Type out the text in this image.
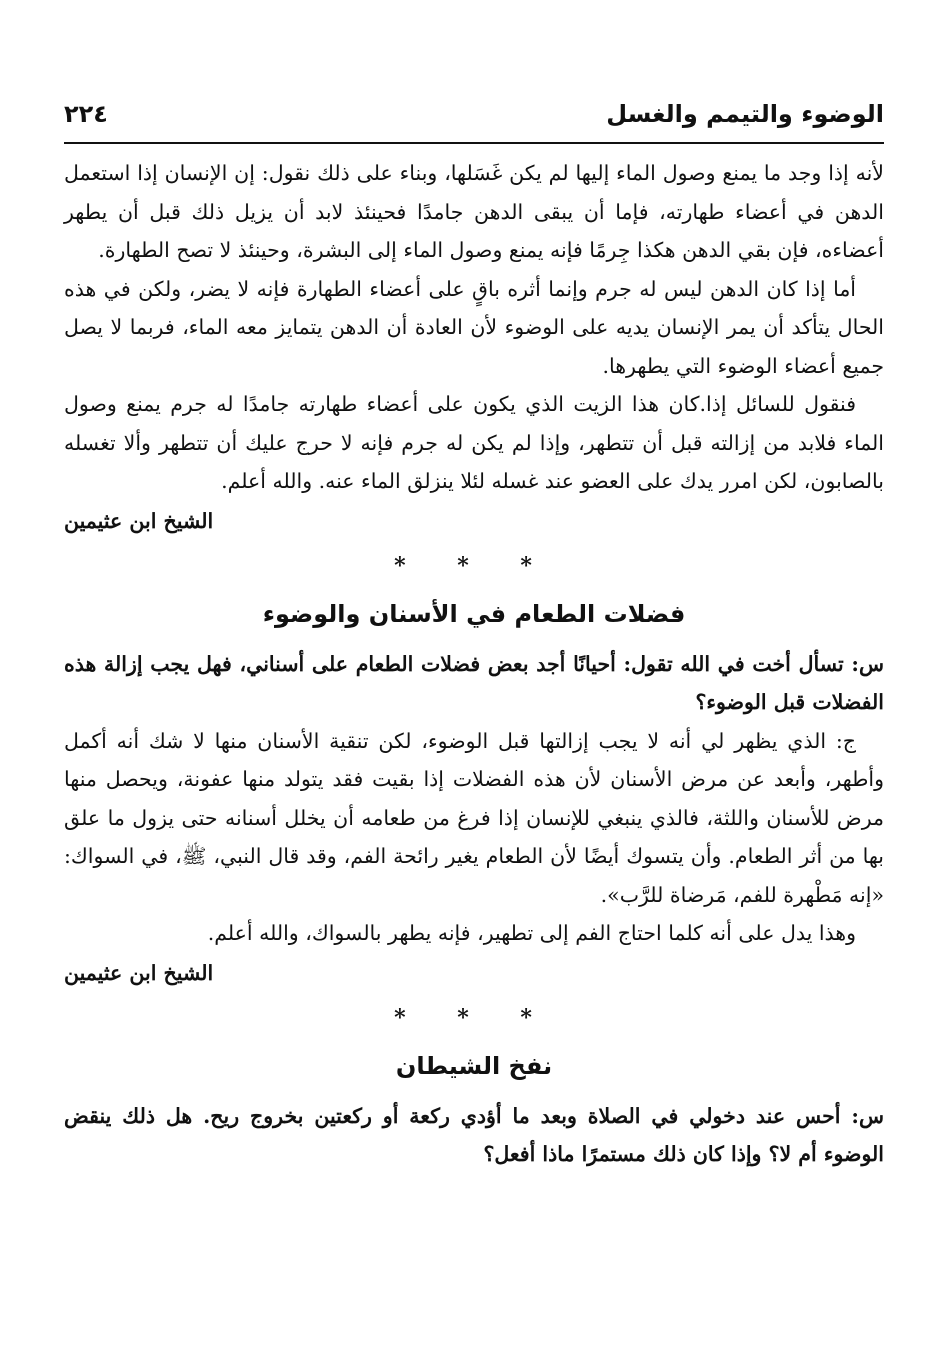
الوضوء والتيمم والغسل
٢٢٤

لأنه إذا وجد ما يمنع وصول الماء إليها لم يكن غَسَلها، وبناء على ذلك نقول: إن الإنسان إذا استعمل الدهن في أعضاء طهارته، فإما أن يبقى الدهن جامدًا فحينئذ لابد أن يزيل ذلك قبل أن يطهر أعضاءه، فإن بقي الدهن هكذا جِرمًا فإنه يمنع وصول الماء إلى البشرة، وحينئذ لا تصح الطهارة.

أما إذا كان الدهن ليس له جرم وإنما أثره باقٍ على أعضاء الطهارة فإنه لا يضر، ولكن في هذه الحال يتأكد أن يمر الإنسان يديه على الوضوء لأن العادة أن الدهن يتمايز معه الماء، فربما لا يصل جميع أعضاء الوضوء التي يطهرها.

فنقول للسائل إذا.كان هذا الزيت الذي يكون على أعضاء طهارته جامدًا له جرم يمنع وصول الماء فلابد من إزالته قبل أن تتطهر، وإذا لم يكن له جرم فإنه لا حرج عليك أن تتطهر وألا تغسله بالصابون، لكن امرر يدك على العضو عند غسله لئلا ينزلق الماء عنه. والله أعلم.

الشيخ ابن عثيمين
* * *
فضلات الطعام في الأسنان والوضوء

س: تسأل أخت في الله تقول: أحيانًا أجد بعض فضلات الطعام على أسناني، فهل يجب إزالة هذه الفضلات قبل الوضوء؟

ج: الذي يظهر لي أنه لا يجب إزالتها قبل الوضوء، لكن تنقية الأسنان منها لا شك أنه أكمل وأطهر، وأبعد عن مرض الأسنان لأن هذه الفضلات إذا بقيت فقد يتولد منها عفونة، ويحصل منها مرض للأسنان واللثة، فالذي ينبغي للإنسان إذا فرغ من طعامه أن يخلل أسنانه حتى يزول ما علق بها من أثر الطعام. وأن يتسوك أيضًا لأن الطعام يغير رائحة الفم، وقد قال النبي، ﷺ، في السواك: «إنه مَطْهرة للفم، مَرضاة للرَّب».

وهذا يدل على أنه كلما احتاج الفم إلى تطهير، فإنه يطهر بالسواك، والله أعلم.

الشيخ ابن عثيمين
* * *
نفخ الشيطان

س: أحس عند دخولي في الصلاة وبعد ما أؤدي ركعة أو ركعتين بخروج ريح. هل ذلك ينقض الوضوء أم لا؟ وإذا كان ذلك مستمرًا ماذا أفعل؟
